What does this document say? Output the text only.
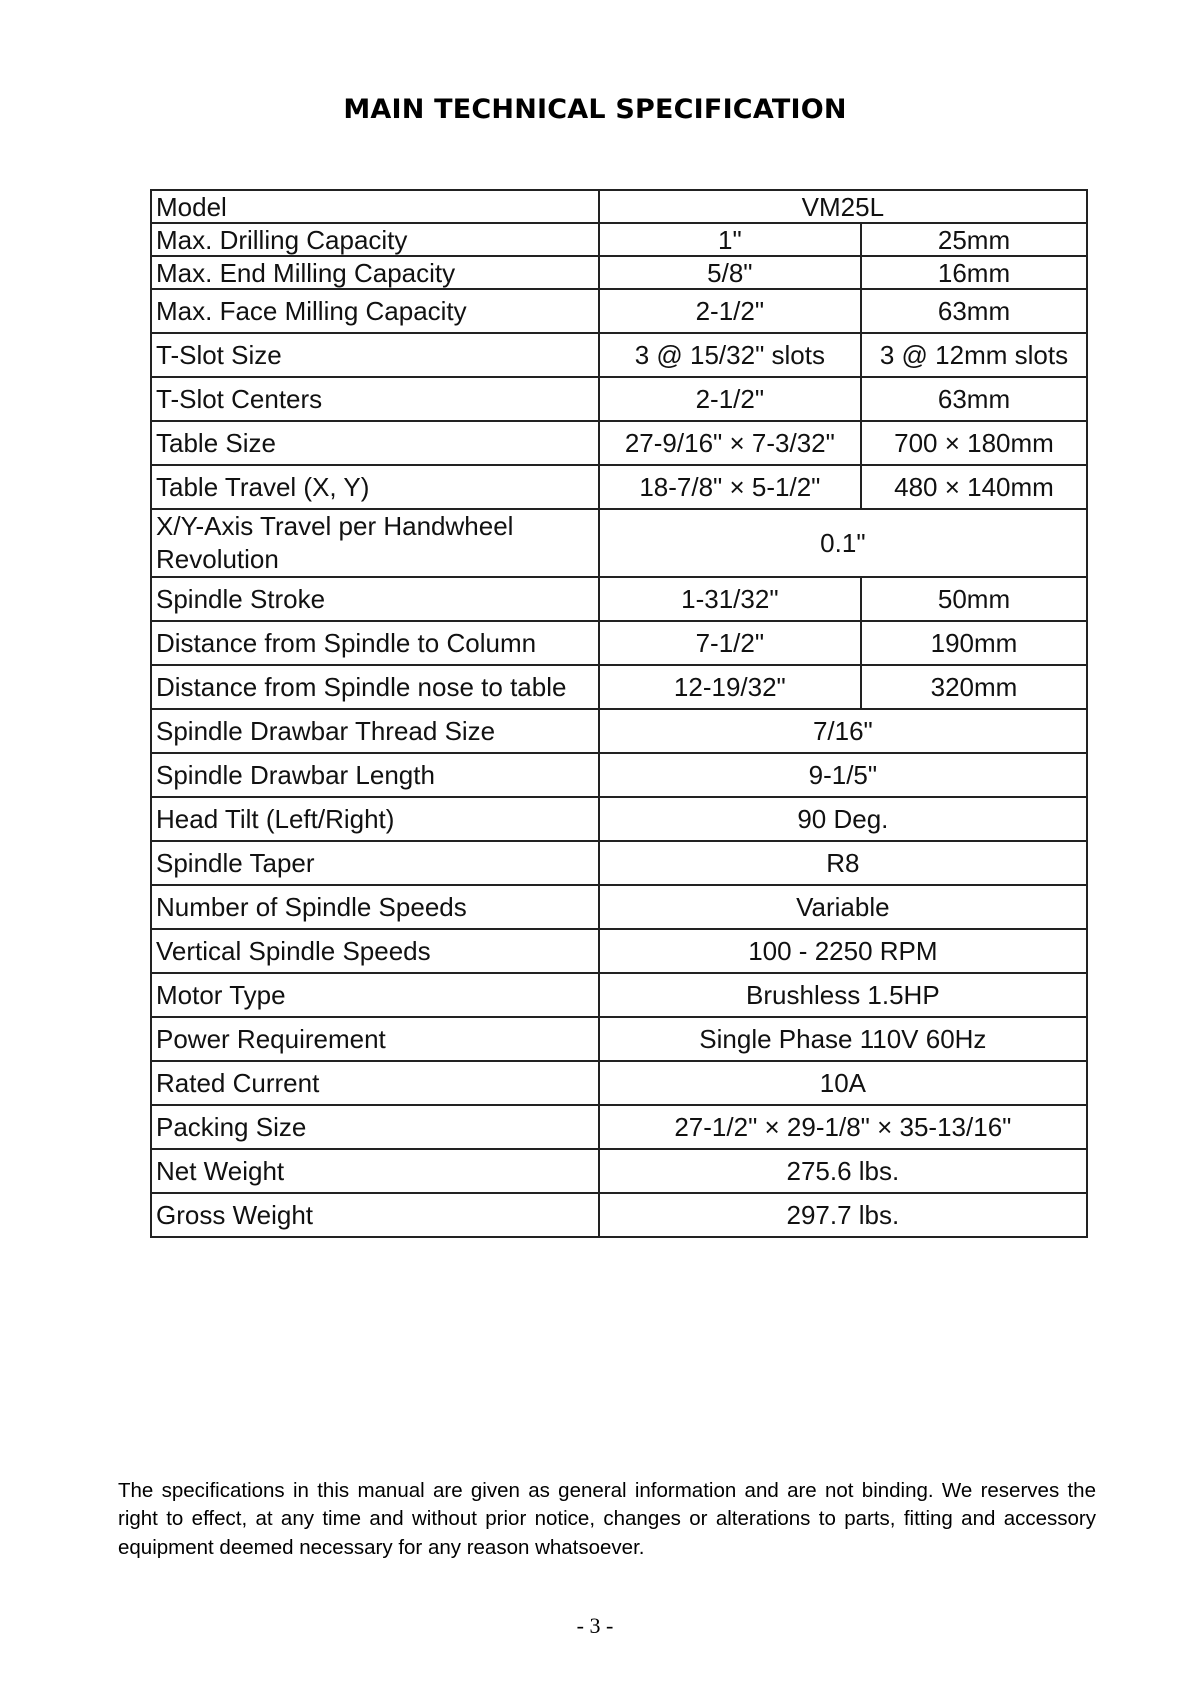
MAIN TECHNICAL SPECIFICATION
Model	VM25L	
Max. Drilling Capacity	1"	25mm
Max. End Milling Capacity	5/8"	16mm
Max. Face Milling Capacity	2-1/2"	63mm
T-Slot Size	3 @ 15/32" slots	3 @ 12mm slots
T-Slot Centers	2-1/2"	63mm
Table Size	27-9/16" × 7-3/32"	700 × 180mm
Table Travel (X, Y)	18-7/8" × 5-1/2"	480 × 140mm
X/Y-Axis Travel per Handwheel Revolution	0.1"	
Spindle Stroke	1-31/32"	50mm
Distance from Spindle to Column	7-1/2"	190mm
Distance from Spindle nose to table	12-19/32"	320mm
Spindle Drawbar Thread Size	7/16"	
Spindle Drawbar Length	9-1/5"	
Head Tilt (Left/Right)	90 Deg.	
Spindle Taper	R8	
Number of Spindle Speeds	Variable	
Vertical Spindle Speeds	100 - 2250 RPM	
Motor Type	Brushless 1.5HP	
Power Requirement	Single Phase 110V 60Hz	
Rated Current	10A	
Packing Size	27-1/2" × 29-1/8" × 35-13/16"	
Net Weight	275.6 lbs.	
Gross Weight	297.7 lbs.	

The specifications in this manual are given as general information and are not binding. We reserves the right to effect, at any time and without prior notice, changes or alterations to parts, fitting and accessory equipment deemed necessary for any reason whatsoever.

- 3 -
